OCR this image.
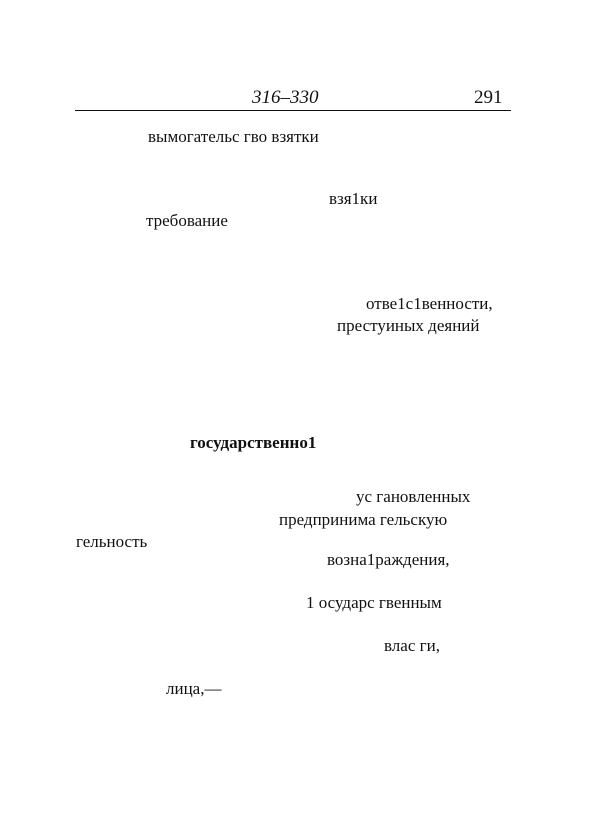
316–330	291
вымогательс гво взятки
взя1ки
требование
отве1с1венности,
престуиных деяний
государственно1
ус гановленных
предпринима гельскую
гельность
возна1раждения,
1 осударс гвенным
влас ги,
лица,—
